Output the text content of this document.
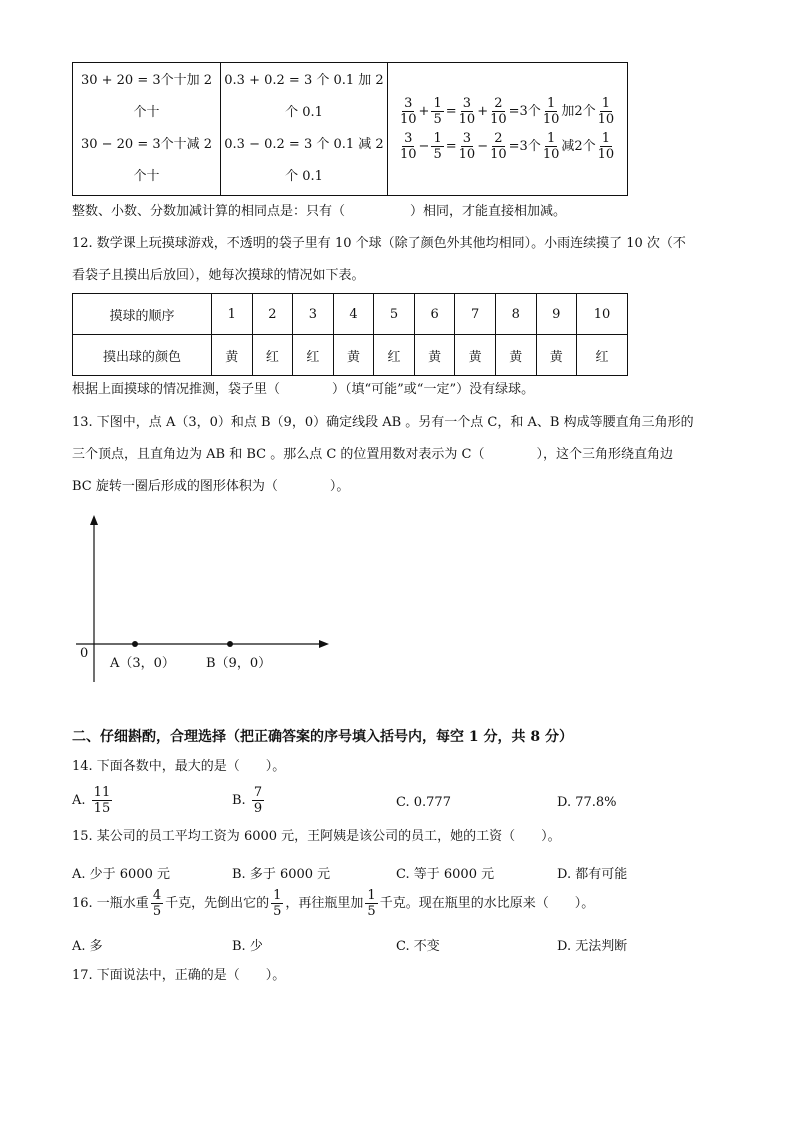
30 + 20 = 3个十加 2
个十
30 − 20 = 3个十减 2
个十

0.3 + 0.2 = 3 个 0.1 加 2
个 0.1
0.3 − 0.2 = 3 个 0.1 减 2
个 0.1

$\frac{3}{10} + \frac{1}{5} = \frac{3}{10} + \frac{2}{10} =3$个 $\frac{1}{10}$ 加2个 $\frac{1}{10}$
$\frac{3}{10} - \frac{1}{5} = \frac{3}{10} - \frac{2}{10} =3$个 $\frac{1}{10}$ 减2个 $\frac{1}{10}$
整数、小数、分数加减计算的相同点是：只有（　　　　　）相同，才能直接相加减。
12. 数学课上玩摸球游戏，不透明的袋子里有 10 个球（除了颜色外其他均相同）。小雨连续摸了 10 次（不
看袋子且摸出后放回），她每次摸球的情况如下表。
摸球的顺序	1	2	3	4	5	6	7	8	9	10
摸出球的颜色	黄	红	红	黄	红	黄	黄	黄	黄	红
根据上面摸球的情况推测，袋子里（　　　　）（填“可能”或“一定”）没有绿球。
13. 下图中，点 A（3，0）和点 B（9，0）确定线段 AB 。另有一个点 C，和 A、B 构成等腰直角三角形的
三个顶点，且直角边为 AB 和 BC 。那么点 C 的位置用数对表示为 C（　　　　），这个三角形绕直角边
BC 旋转一圈后形成的图形体积为（　　　　）。
0
A（3，0） B（9，0）
二、仔细斟酌，合理选择（把正确答案的序号填入括号内，每空 1 分，共 8 分）
14. 下面各数中，最大的是（　　）。
A. $\frac{11}{15}$	B. $\frac{7}{9}$	C. 0.777	D. 77.8%
15. 某公司的员工平均工资为 6000 元，王阿姨是该公司的员工，她的工资（　　）。
A. 少于 6000 元	B. 多于 6000 元	C. 等于 6000 元	D. 都有可能
16. 一瓶水重 $\frac{4}{5}$ 千克，先倒出它的 $\frac{1}{5}$ ，再往瓶里加 $\frac{1}{5}$ 千克。现在瓶里的水比原来（　　）。
A. 多	B. 少	C. 不变	D. 无法判断
17. 下面说法中，正确的是（　　）。
